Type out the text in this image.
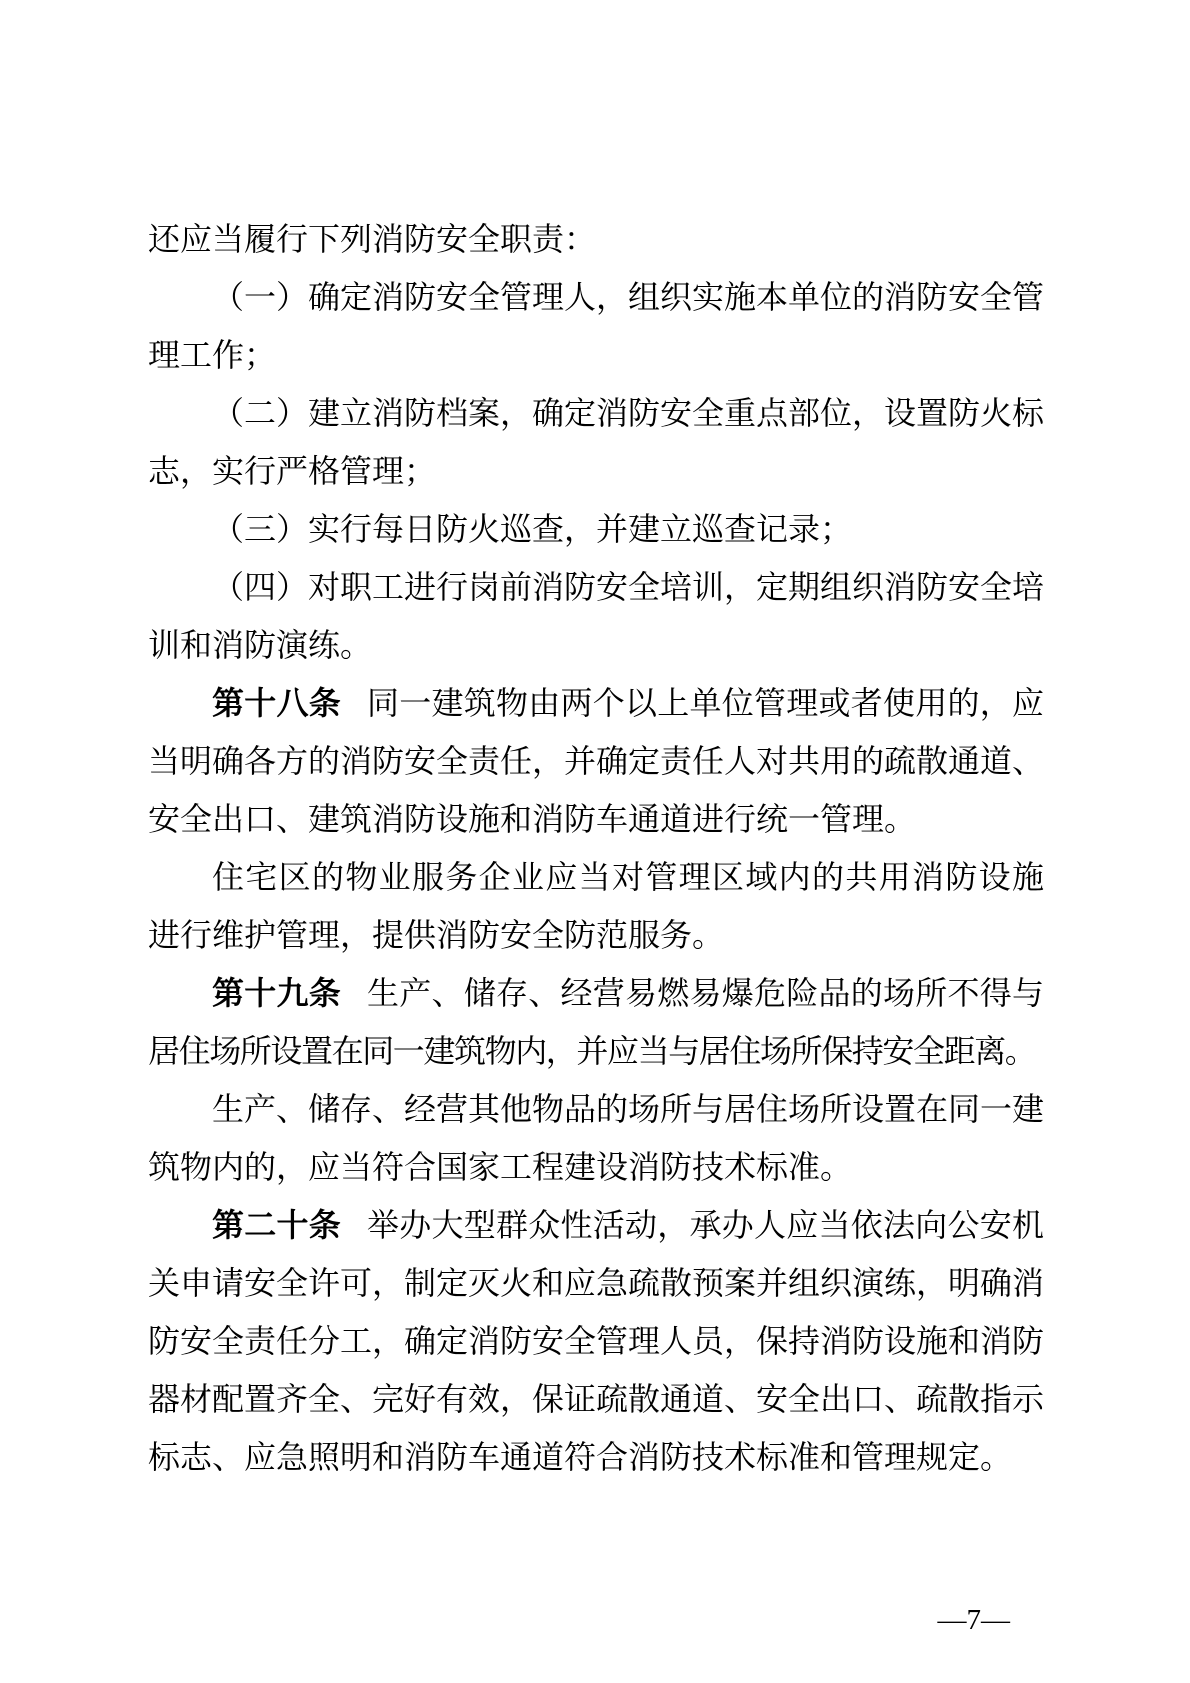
还应当履行下列消防安全职责：
（一）确定消防安全管理人，组织实施本单位的消防安全管
理工作；
（二）建立消防档案，确定消防安全重点部位，设置防火标
志，实行严格管理；
（三）实行每日防火巡查，并建立巡查记录；
（四）对职工进行岗前消防安全培训，定期组织消防安全培
训和消防演练。
第十八条 同一建筑物由两个以上单位管理或者使用的，应
当明确各方的消防安全责任，并确定责任人对共用的疏散通道、
安全出口、建筑消防设施和消防车通道进行统一管理。
住宅区的物业服务企业应当对管理区域内的共用消防设施
进行维护管理，提供消防安全防范服务。
第十九条 生产、储存、经营易燃易爆危险品的场所不得与
居住场所设置在同一建筑物内，并应当与居住场所保持安全距离。
生产、储存、经营其他物品的场所与居住场所设置在同一建
筑物内的，应当符合国家工程建设消防技术标准。
第二十条 举办大型群众性活动，承办人应当依法向公安机
关申请安全许可，制定灭火和应急疏散预案并组织演练，明确消
防安全责任分工，确定消防安全管理人员，保持消防设施和消防
器材配置齐全、完好有效，保证疏散通道、安全出口、疏散指示
标志、应急照明和消防车通道符合消防技术标准和管理规定。
—7—
